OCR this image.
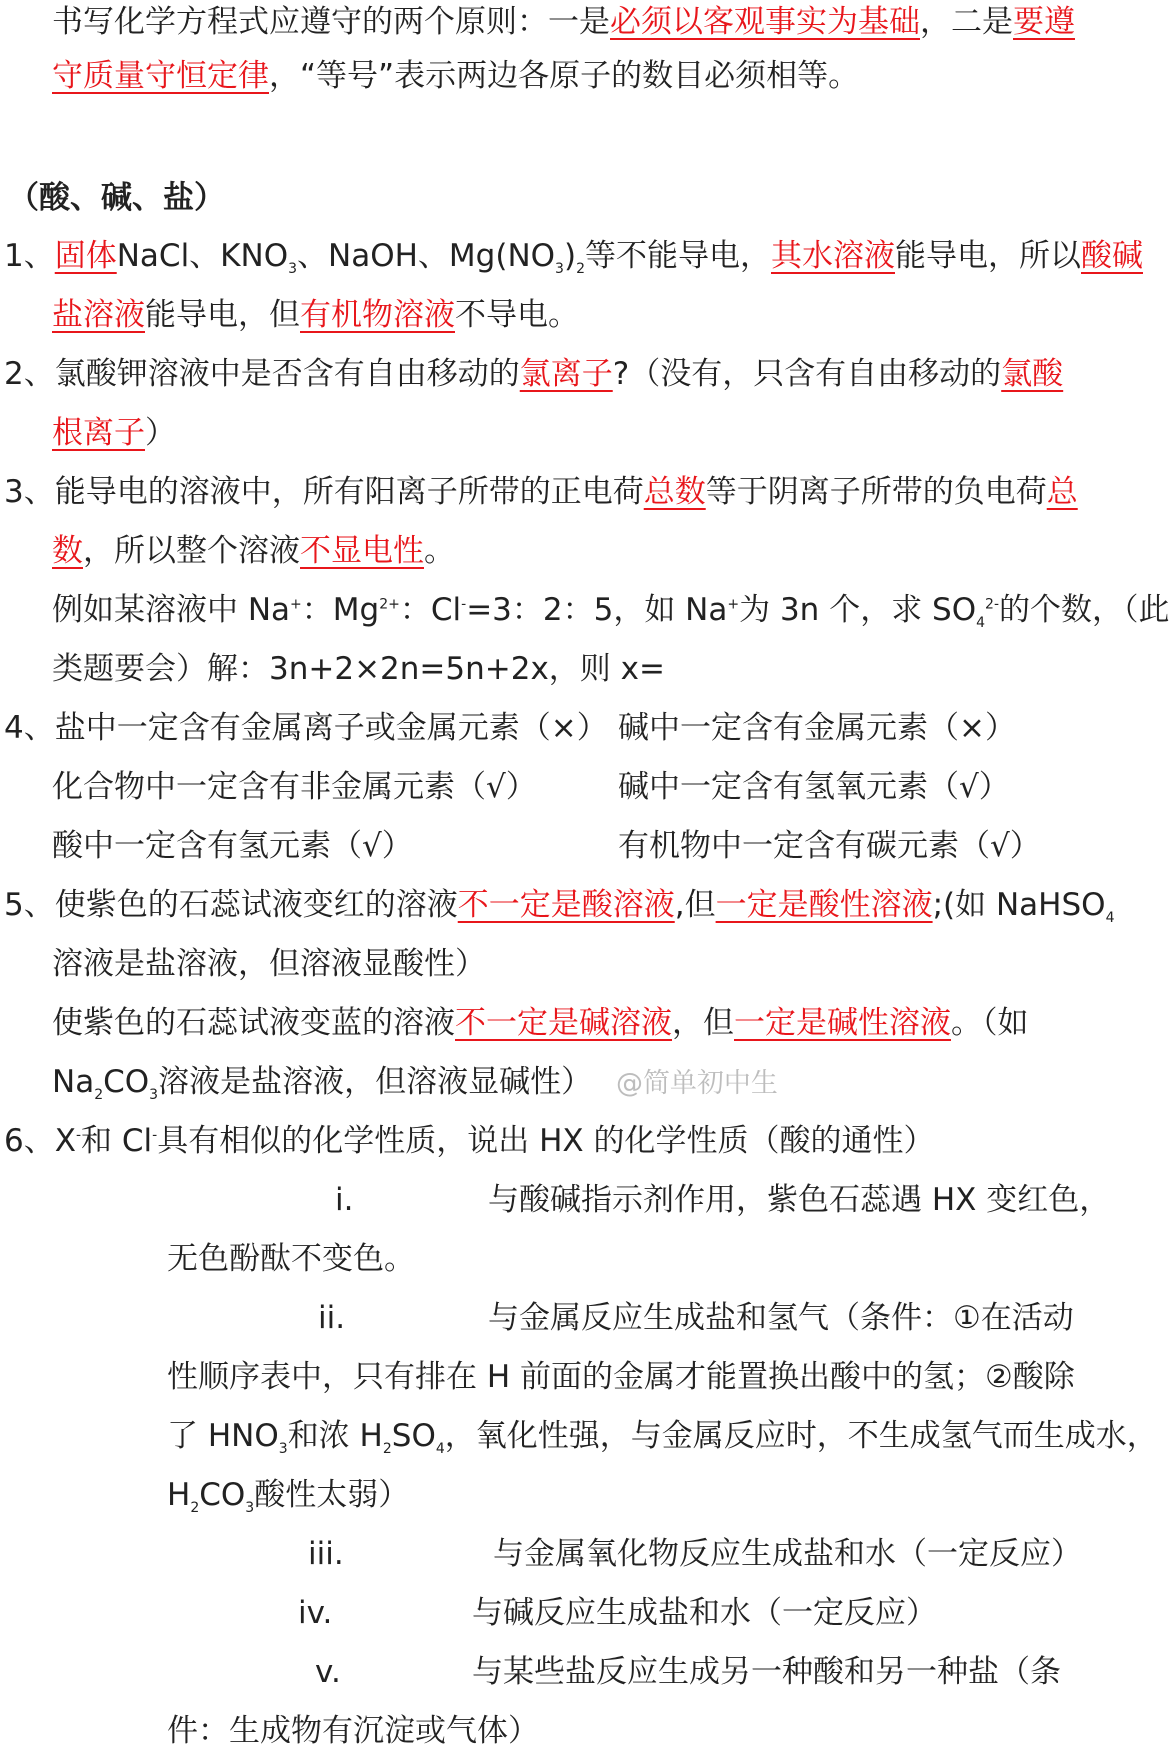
书写化学方程式应遵守的两个原则：一是必须以客观事实为基础，二是要遵
守质量守恒定律，“等号”表示两边各原子的数目必须相等。
（酸、碱、盐）
1、固体NaCl、$KNO_3$、NaOH、$Mg(NO_3)_2$等不能导电，其水溶液能导电，所以酸碱
盐溶液能导电，但有机物溶液不导电。
2、氯酸钾溶液中是否含有自由移动的氯离子?（没有，只含有自由移动的氯酸
根离子）
3、能导电的溶液中，所有阳离子所带的正电荷总数等于阴离子所带的负电荷总
数，所以整个溶液不显电性。
例如某溶液中 Na+：$Mg^{2+}$：Cl-=3：2：5，如 Na+为 3n 个，求 $SO_4^{2-}$的个数，（此
类题要会）解：3n+2×2n=5n+2x，则 x=
4、盐中一定含有金属离子或金属元素（×） 碱中一定含有金属元素（×）
化合物中一定含有非金属元素（√）	碱中一定含有氢氧元素（√）
酸中一定含有氢元素（√）	有机物中一定含有碳元素（√）
5、使紫色的石蕊试液变红的溶液不一定是酸溶液,但一定是酸性溶液;(如 NaHSO$_4$
溶液是盐溶液，但溶液显酸性）
使紫色的石蕊试液变蓝的溶液不一定是碱溶液，但一定是碱性溶液。（如
$Na_2CO_3$溶液是盐溶液，但溶液显碱性） @简单初中生
6、X-和 Cl-具有相似的化学性质，说出 HX 的化学性质（酸的通性）
i.	与酸碱指示剂作用，紫色石蕊遇 HX 变红色，
无色酚酞不变色。
ii.	与金属反应生成盐和氢气（条件：①在活动
性顺序表中，只有排在 H 前面的金属才能置换出酸中的氢；②酸除
了 $HNO_3$和浓 $H_2SO_4$，氧化性强，与金属反应时，不生成氢气而生成水，
$H_2CO_3$酸性太弱）
iii.	与金属氧化物反应生成盐和水（一定反应）
iv.	与碱反应生成盐和水（一定反应）
v.	与某些盐反应生成另一种酸和另一种盐（条
件：生成物有沉淀或气体）
